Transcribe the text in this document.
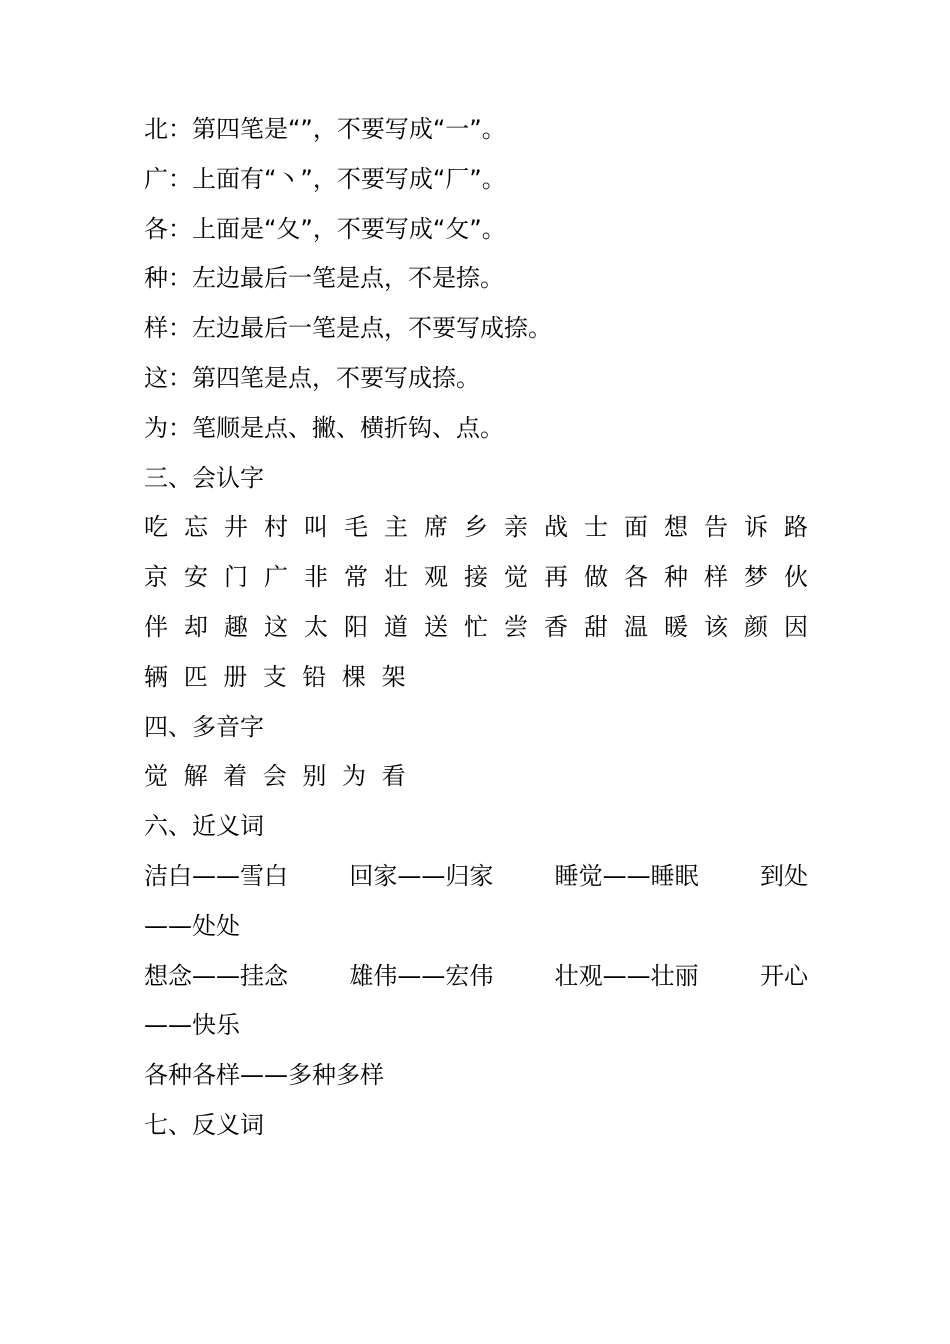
北：第四笔是“”，不要写成“一”。
广：上面有“丶”，不要写成“厂”。
各：上面是“夂”，不要写成“攵”。
种：左边最后一笔是点，不是捺。
样：左边最后一笔是点，不要写成捺。
这：第四笔是点，不要写成捺。
为：笔顺是点、撇、横折钩、点。
三、会认字
吃 忘 井 村 叫 毛 主 席 乡 亲 战 士 面 想 告 诉 路
京 安 门 广 非 常 壮 观 接 觉 再 做 各 种 样 梦 伙
伴 却 趣 这 太 阳 道 送 忙 尝 香 甜 温 暖 该 颜 因
辆 匹 册 支 铅 棵 架
四、多音字
觉 解 着 会 别 为 看
六、近义词
洁白——雪白	回家——归家	睡觉——睡眠	到处
——处处
想念——挂念	雄伟——宏伟	壮观——壮丽	开心
——快乐
各种各样——多种多样
七、反义词
